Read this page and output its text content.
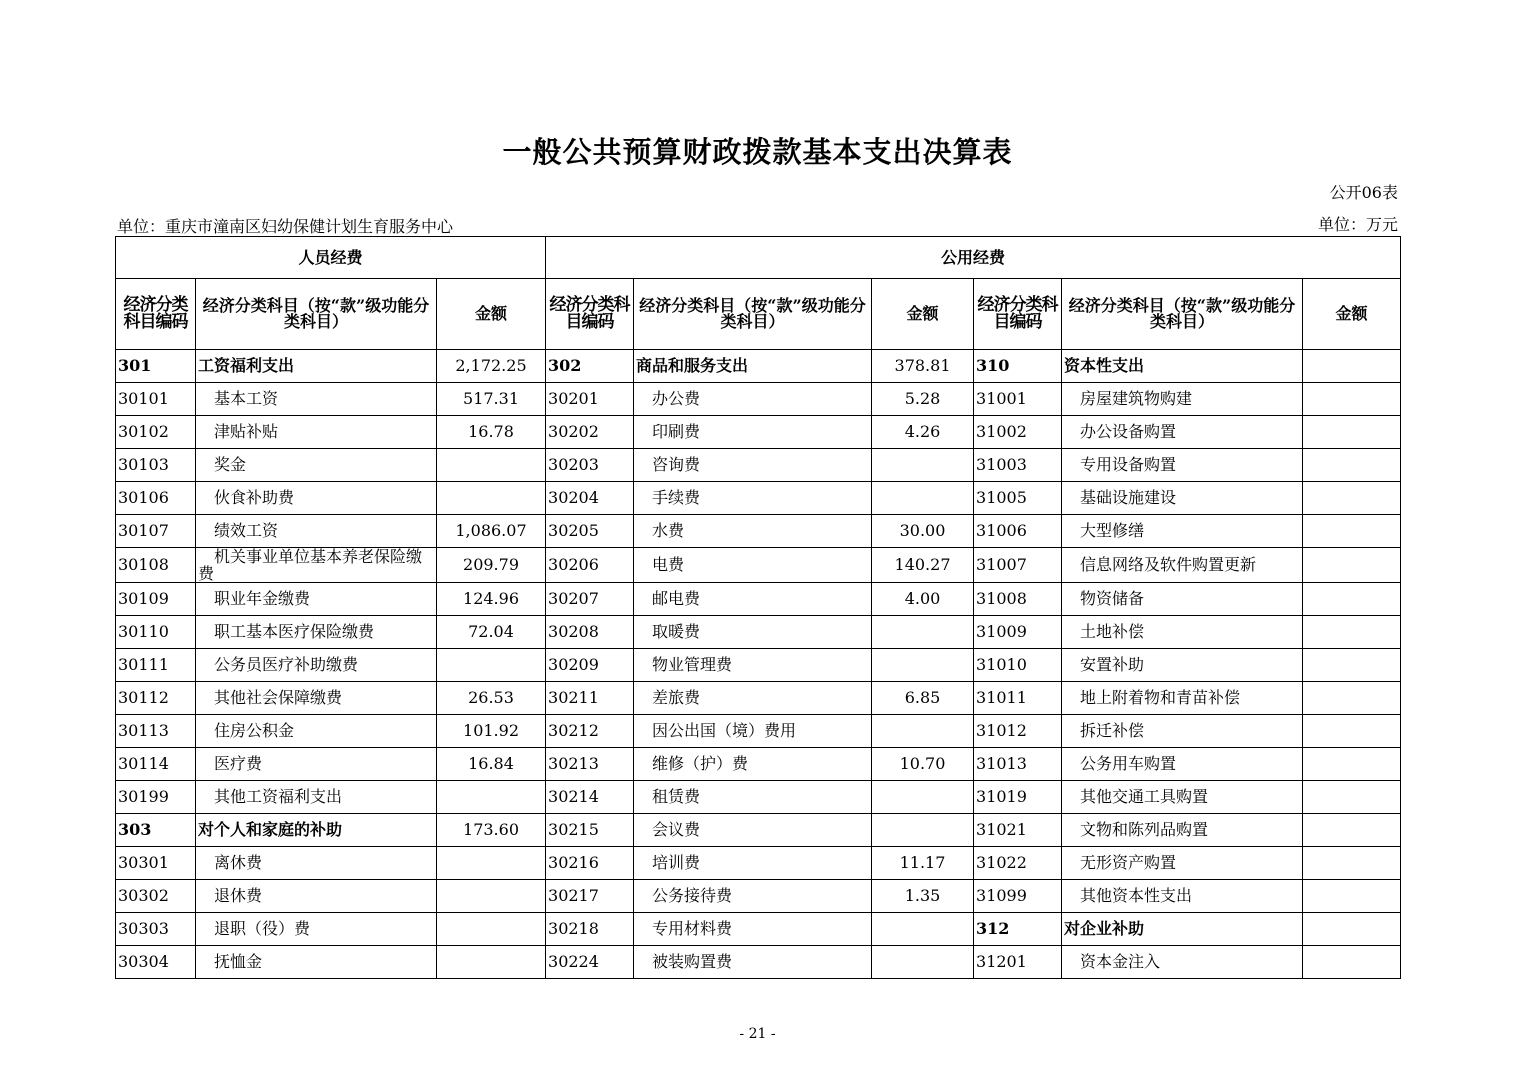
一般公共预算财政拨款基本支出决算表
公开06表
单位：重庆市潼南区妇幼保健计划生育服务中心	单位：万元
人员经费			公用经费					
经济分类科目编码	经济分类科目（按“款”级功能分类科目）	金额	经济分类科目编码	经济分类科目（按“款”级功能分类科目）	金额	经济分类科目编码	经济分类科目（按“款”级功能分类科目）	金额
301	工资福利支出	2,172.25	302	商品和服务支出	378.81	310	资本性支出	
30101	基本工资	517.31	30201	办公费	5.28	31001	房屋建筑物购建	
30102	津贴补贴	16.78	30202	印刷费	4.26	31002	办公设备购置	
30103	奖金		30203	咨询费		31003	专用设备购置	
30106	伙食补助费		30204	手续费		31005	基础设施建设	
30107	绩效工资	1,086.07	30205	水费	30.00	31006	大型修缮	
30108	机关事业单位基本养老保险缴费	209.79	30206	电费	140.27	31007	信息网络及软件购置更新	
30109	职业年金缴费	124.96	30207	邮电费	4.00	31008	物资储备	
30110	职工基本医疗保险缴费	72.04	30208	取暖费		31009	土地补偿	
30111	公务员医疗补助缴费		30209	物业管理费		31010	安置补助	
30112	其他社会保障缴费	26.53	30211	差旅费	6.85	31011	地上附着物和青苗补偿	
30113	住房公积金	101.92	30212	因公出国（境）费用		31012	拆迁补偿	
30114	医疗费	16.84	30213	维修（护）费	10.70	31013	公务用车购置	
30199	其他工资福利支出		30214	租赁费		31019	其他交通工具购置	
303	对个人和家庭的补助	173.60	30215	会议费		31021	文物和陈列品购置	
30301	离休费		30216	培训费	11.17	31022	无形资产购置	
30302	退休费		30217	公务接待费	1.35	31099	其他资本性支出	
30303	退职（役）费		30218	专用材料费		312	对企业补助	
30304	抚恤金		30224	被装购置费		31201	资本金注入	
- 21 -
